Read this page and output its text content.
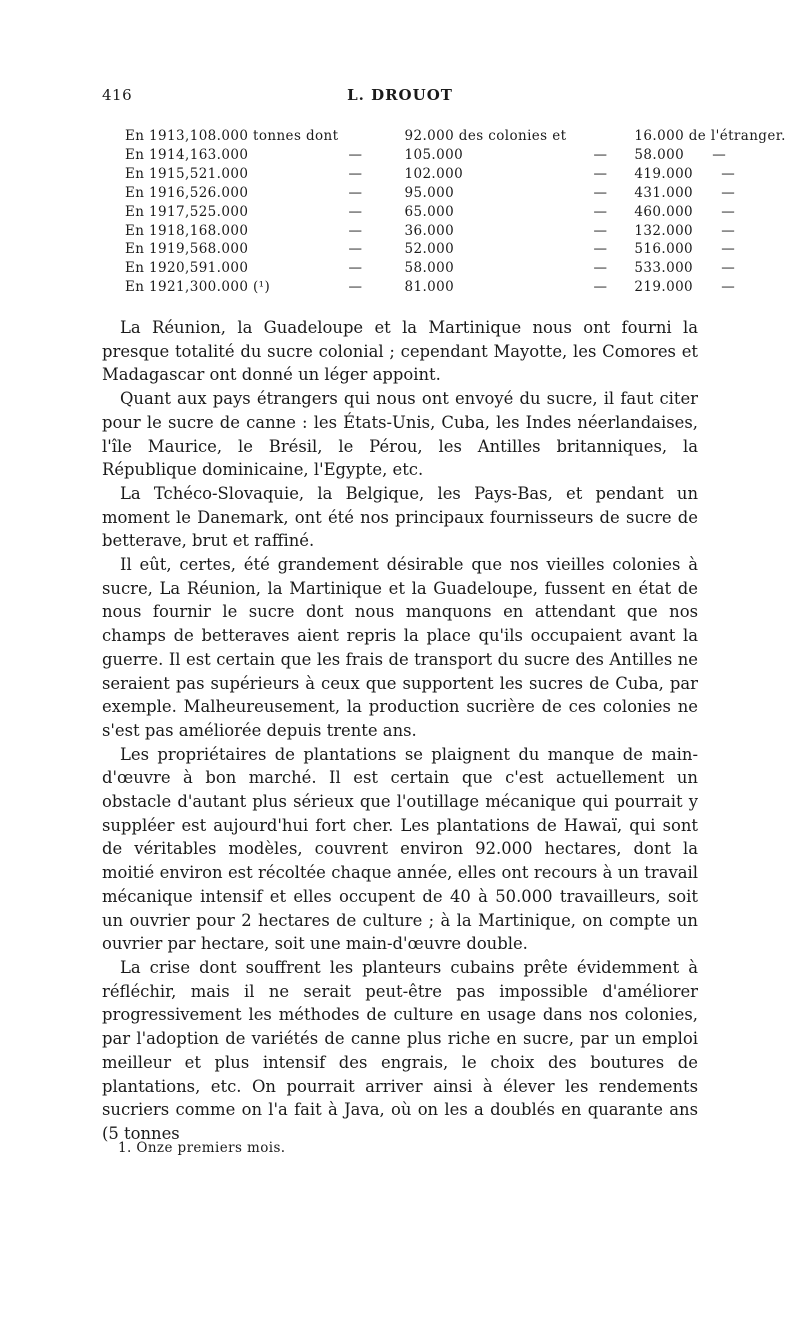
416	L. DROUOT
En 1913,	108.000 tonnes dont		92.000 des colonies et		16.000 de l'étranger.
En 1914,	163.000	—	105.000	—	58.000      —
En 1915,	521.000	—	102.000	—	419.000      —
En 1916,	526.000	—	95.000	—	431.000      —
En 1917,	525.000	—	65.000	—	460.000      —
En 1918,	168.000	—	36.000	—	132.000      —
En 1919,	568.000	—	52.000	—	516.000      —
En 1920,	591.000	—	58.000	—	533.000      —
En 1921,	300.000 (¹)	—	81.000	—	219.000      —

La Réunion, la Guadeloupe et la Martinique nous ont fourni la presque totalité du sucre colonial ; cependant Mayotte, les Comores et Madagascar ont donné un léger appoint.

Quant aux pays étrangers qui nous ont envoyé du sucre, il faut citer pour le sucre de canne : les États-Unis, Cuba, les Indes néerlandaises, l'île Maurice, le Brésil, le Pérou, les Antilles britanniques, la République dominicaine, l'Egypte, etc.

La Tchéco-Slovaquie, la Belgique, les Pays-Bas, et pendant un moment le Danemark, ont été nos principaux fournisseurs de sucre de betterave, brut et raffiné.

Il eût, certes, été grandement désirable que nos vieilles colonies à sucre, La Réunion, la Martinique et la Guadeloupe, fussent en état de nous fournir le sucre dont nous manquons en attendant que nos champs de betteraves aient repris la place qu'ils occupaient avant la guerre. Il est certain que les frais de transport du sucre des Antilles ne seraient pas supérieurs à ceux que supportent les sucres de Cuba, par exemple. Malheureusement, la production sucrière de ces colonies ne s'est pas améliorée depuis trente ans.

Les propriétaires de plantations se plaignent du manque de main-d'œuvre à bon marché. Il est certain que c'est actuellement un obstacle d'autant plus sérieux que l'outillage mécanique qui pourrait y suppléer est aujourd'hui fort cher. Les plantations de Hawaï, qui sont de véritables modèles, couvrent environ 92.000 hectares, dont la moitié environ est récoltée chaque année, elles ont recours à un travail mécanique intensif et elles occupent de 40 à 50.000 travailleurs, soit un ouvrier pour 2 hectares de culture ; à la Martinique, on compte un ouvrier par hectare, soit une main-d'œuvre double.

La crise dont souffrent les planteurs cubains prête évidemment à réfléchir, mais il ne serait peut-être pas impossible d'améliorer progressivement les méthodes de culture en usage dans nos colonies, par l'adoption de variétés de canne plus riche en sucre, par un emploi meilleur et plus intensif des engrais, le choix des boutures de plantations, etc. On pourrait arriver ainsi à élever les rendements sucriers comme on l'a fait à Java, où on les a doublés en quarante ans (5 tonnes

1. Onze premiers mois.
